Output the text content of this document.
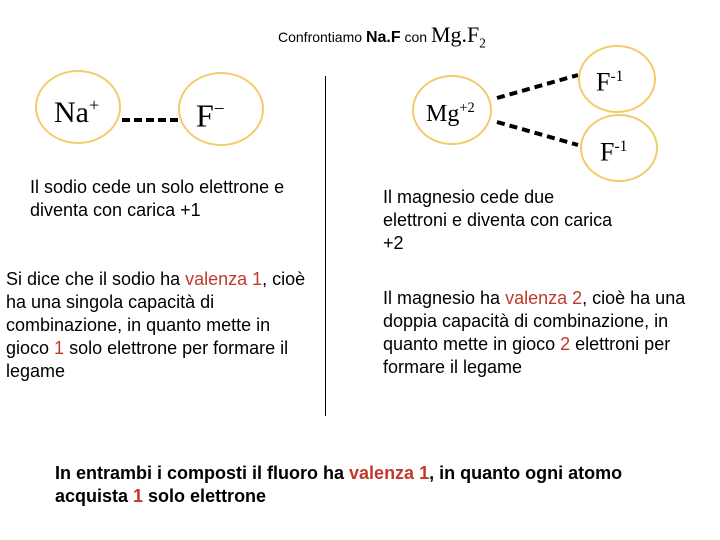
Confrontiamo Na.F con $Mg.F_2$
Na+	F−	$Mg^{+2}$
$F^{-1}$
$F^{-1}$
Il sodio cede un solo elettrone e diventa con carica +1
Si dice che il sodio ha valenza 1, cioè ha una singola capacità di combinazione, in quanto mette in gioco 1 solo elettrone per formare il legame
Il magnesio cede due elettroni e diventa con carica +2
Il magnesio ha valenza 2, cioè ha una doppia capacità di combinazione, in quanto mette in gioco 2 elettroni per formare il legame
In entrambi i composti il fluoro ha valenza 1, in quanto ogni atomo acquista 1 solo elettrone
